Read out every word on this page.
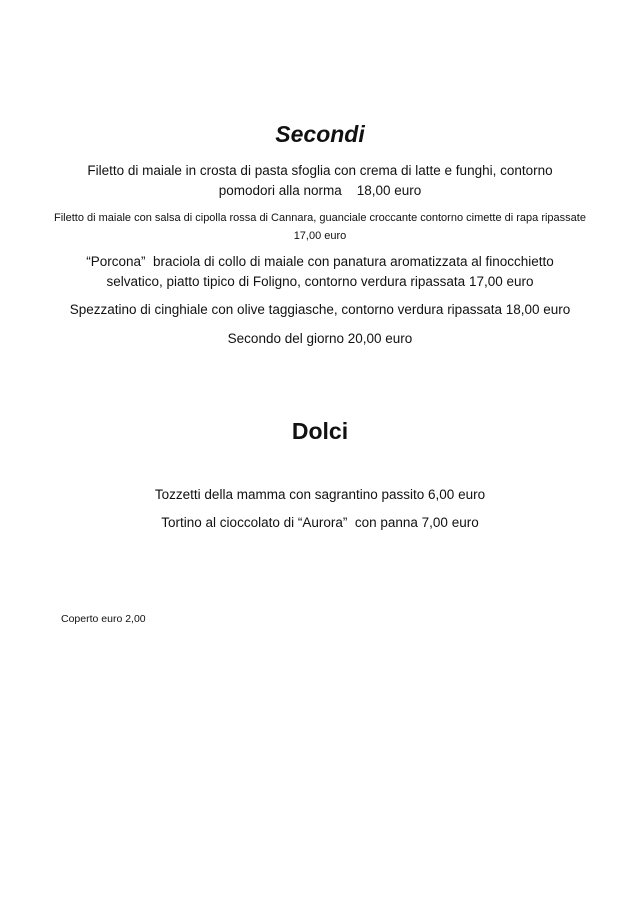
Secondi
Filetto di maiale in crosta di pasta sfoglia con crema di latte e funghi, contorno pomodori alla norma    18,00 euro
Filetto di maiale con salsa di cipolla rossa di Cannara, guanciale croccante contorno cimette di rapa ripassate    17,00 euro
“Porcona”  braciola di collo di maiale con panatura aromatizzata al finocchietto selvatico, piatto tipico di Foligno, contorno verdura ripassata 17,00 euro
Spezzatino di cinghiale con olive taggiasche, contorno verdura ripassata 18,00 euro
Secondo del giorno 20,00 euro
Dolci
Tozzetti della mamma con sagrantino passito 6,00 euro
Tortino al cioccolato di “Aurora”  con panna 7,00 euro
Coperto euro 2,00
